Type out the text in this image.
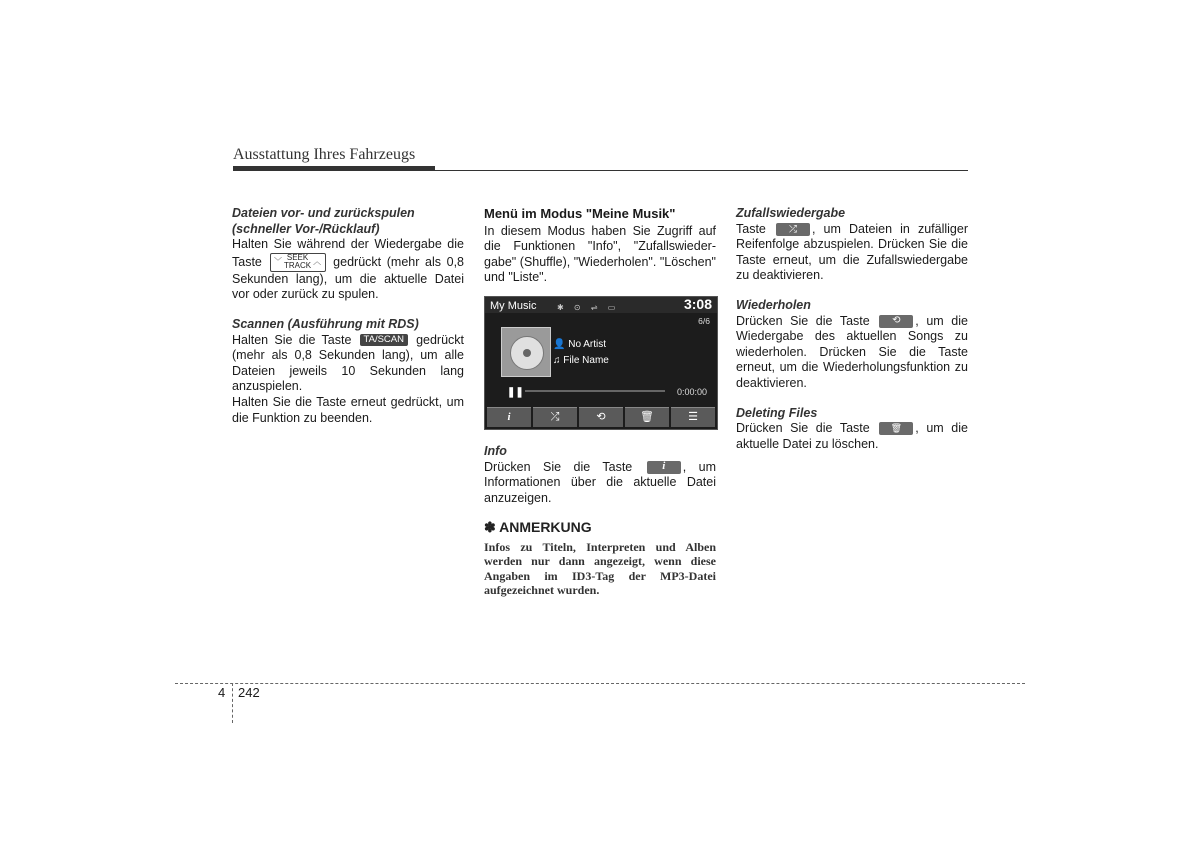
Ausstattung Ihres Fahrzeugs

Dateien vor- und zurückspulen (schneller Vor-/Rücklauf)

Halten Sie während der Wiedergabe die Taste ﹀ SEEK
TRACK ︿ gedrückt (mehr als 0,8 Sekunden lang), um die aktuelle Datei vor oder zurück zu spulen.

Scannen (Ausführung mit RDS)

Halten Sie die Taste TA/SCAN gedrückt (mehr als 0,8 Sekunden lang), um alle Dateien jeweils 10 Sekunden lang anzuspielen.

Halten Sie die Taste erneut gedrückt, um die Funktion zu beenden.

Menü im Modus "Meine Musik"

In diesem Modus haben Sie Zugriff auf die Funktionen "Info", "Zufallswieder-gabe" (Shuffle), "Wiederholen". "Löschen" und "Liste".

My Music	✱ ⊙ ⇌ ▭	3:08
6/6
👤 No Artist
♫ File Name
❚❚	0:00:00
i	⤮	⟲	🗑	☰

Info

Drücken Sie die Taste	i , um Informationen über die aktuelle Datei anzuzeigen.

✽ ANMERKUNG

Infos zu Titeln, Interpreten und Alben werden nur dann angezeigt, wenn diese Angaben im ID3-Tag der MP3-Datei aufgezeichnet wurden.

Zufallswiedergabe

Taste ⤮ , um Dateien in zufälliger Reifenfolge abzuspielen. Drücken Sie die Taste erneut, um die Zufallswiedergabe zu deaktivieren.

Wiederholen

Drücken Sie die Taste ⟲ , um die Wiedergabe des aktuellen Songs zu wiederholen. Drücken Sie die Taste erneut, um die Wiederholungsfunktion zu deaktivieren.

Deleting Files

Drücken Sie die Taste 🗑 , um die aktuelle Datei zu löschen.

4 242
